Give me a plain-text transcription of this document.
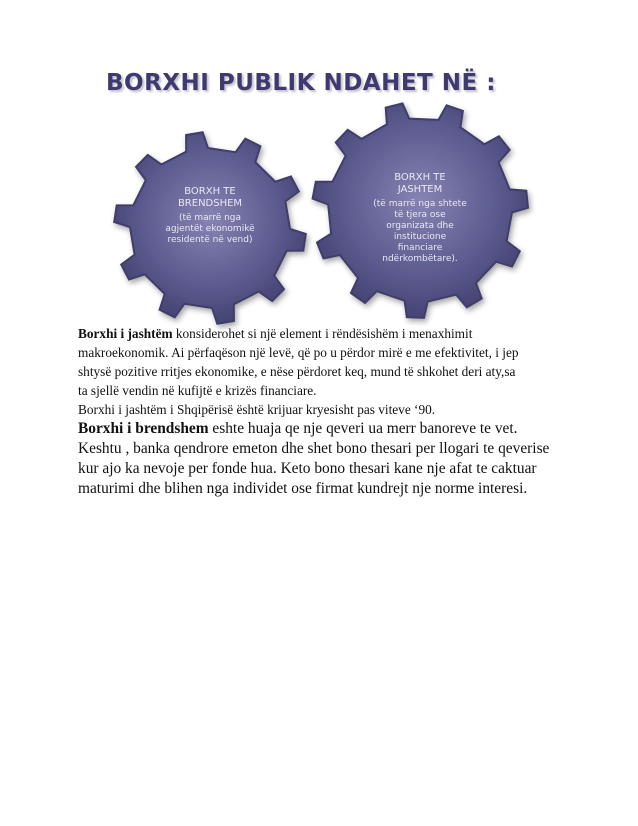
BORXHI PUBLIK NDAHET NË :
BORXH TE
BRENDSHEM
(të marrë nga
agjentët ekonomikë
residentë në vend)
BORXH TE
JASHTEM
(të marrë nga shtete
të tjera ose
organizata dhe
institucione
financiare
ndërkombëtare).

Borxhi i jashtëm konsiderohet si një element i rëndësishëm i menaxhimit

makroekonomik. Ai përfaqëson një levë, që po u përdor mirë e me efektivitet, i jep

shtysë pozitive rritjes ekonomike, e nëse përdoret keq, mund të shkohet deri aty,sa

ta sjellë vendin në kufijtë e krizës financiare.

Borxhi i jashtëm i Shqipërisë është krijuar kryesisht pas viteve ‘90.

Borxhi i brendshem eshte huaja qe nje qeveri ua merr banoreve te vet.

Keshtu , banka qendrore emeton dhe shet bono thesari per llogari te qeverise

kur ajo ka nevoje per fonde hua. Keto bono thesari kane nje afat te caktuar

maturimi dhe blihen nga individet ose firmat kundrejt nje norme interesi.
